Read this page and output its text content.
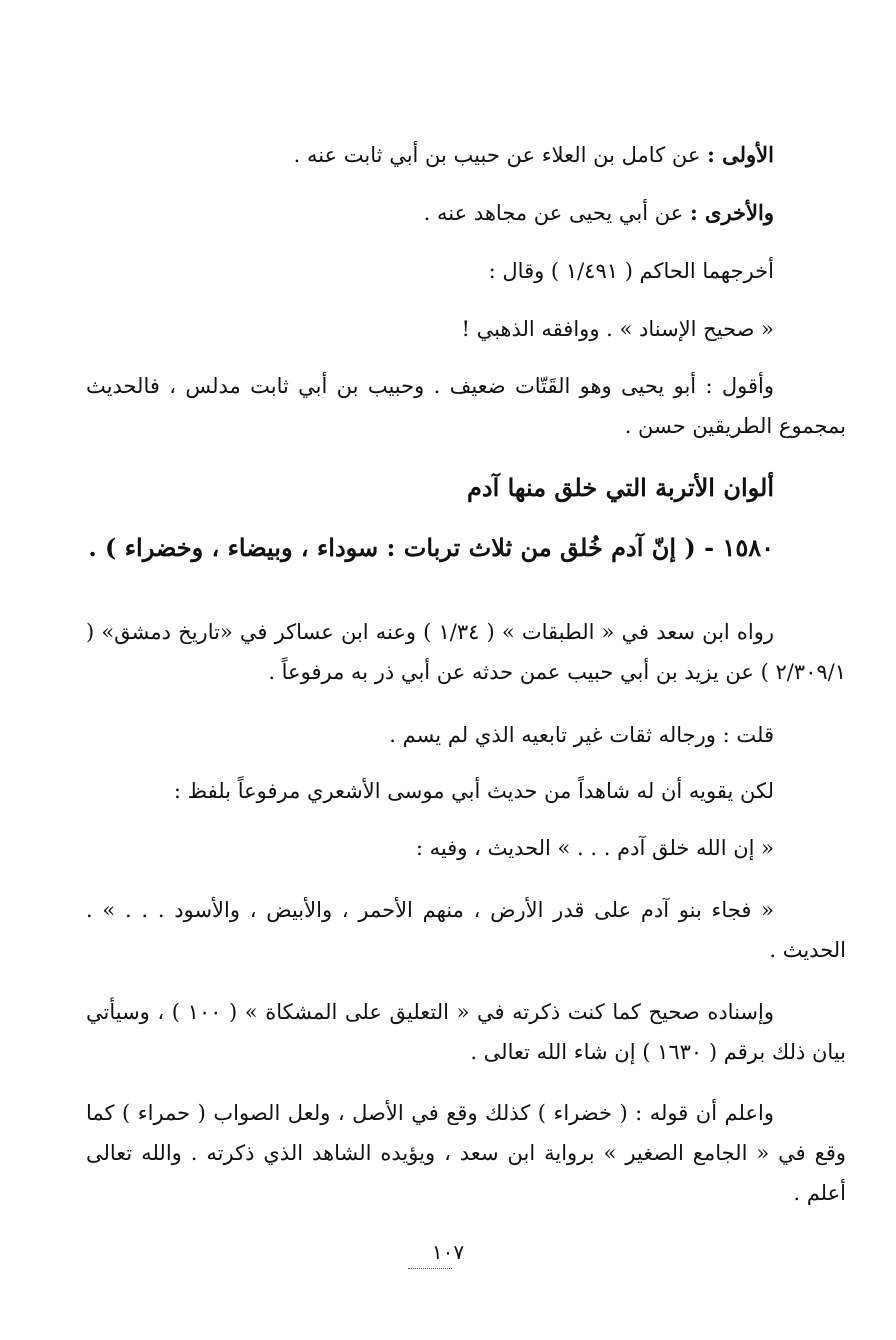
الأولى : عن كامل بن العلاء عن حبيب بن أبي ثابت عنه .
والأخرى : عن أبي يحيى عن مجاهد عنه .
أخرجهما الحاكم ( ١/٤٩١ ) وقال :
« صحيح الإسناد » . ووافقه الذهبي !
وأقول : أبو يحيى وهو القَتّات ضعيف . وحبيب بن أبي ثابت مدلس ، فالحديث بمجموع الطريقين حسن .
ألوان الأتربة التي خلق منها آدم
١٥٨٠ - ( إنّ آدم خُلق من ثلاث تربات : سوداء ، وبيضاء ، وخضراء ) .
رواه ابن سعد في « الطبقات » ( ١/٣٤ ) وعنه ابن عساكر في «تاريخ دمشق» ( ٢/٣٠٩/١ ) عن يزيد بن أبي حبيب عمن حدثه عن أبي ذر به مرفوعاً .
قلت : ورجاله ثقات غير تابعيه الذي لم يسم .
لكن يقويه أن له شاهداً من حديث أبي موسى الأشعري مرفوعاً بلفظ :
« إن الله خلق آدم . . . » الحديث ، وفيه :
« فجاء بنو آدم على قدر الأرض ، منهم الأحمر ، والأبيض ، والأسود . . . » . الحديث .
وإسناده صحيح كما كنت ذكرته في « التعليق على المشكاة » ( ١٠٠ ) ، وسيأتي بيان ذلك برقم ( ١٦٣٠ ) إن شاء الله تعالى .
واعلم أن قوله : ( خضراء ) كذلك وقع في الأصل ، ولعل الصواب ( حمراء ) كما وقع في « الجامع الصغير » برواية ابن سعد ، ويؤيده الشاهد الذي ذكرته . والله تعالى أعلم .
١٠٧
